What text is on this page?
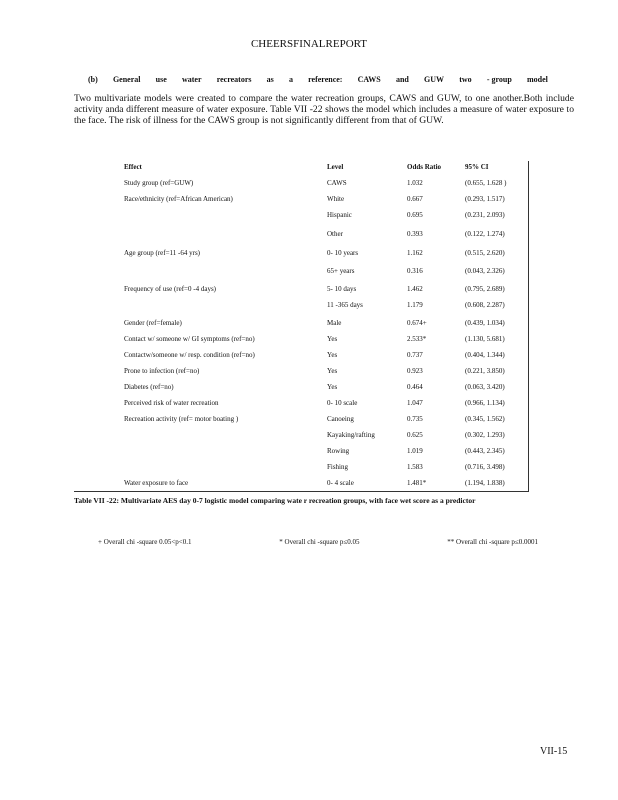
CHEERSFINALREPORT
(b) General use water recreators as a reference: CAWS and GUW two - group model
Two multivariate models were created to compare the water recreation groups, CAWS and GUW, to one another.Both include activity anda different measure of water exposure. Table VII -22 shows the model which includes a measure of water exposure to the face. The risk of illness for the CAWS group is not significantly different from that of GUW.
Effect	Level	Odds Ratio	95% CI
Study group (ref=GUW)	CAWS	1.032	(0.655, 1.628 )
Race/ethnicity (ref=African American)	White	0.667	(0.293, 1.517)
	Hispanic	0.695	(0.231, 2.093)
	Other	0.393	(0.122, 1.274)
Age group (ref=11 -64 yrs)	0- 10 years	1.162	(0.515, 2.620)
	65+ years	0.316	(0.043, 2.326)
Frequency of use (ref=0 -4 days)	5- 10 days	1.462	(0.795, 2.689)
	11 -365 days	1.179	(0.608, 2.287)
Gender (ref=female)	Male	0.674+	(0.439, 1.034)
Contact w/ someone w/ GI symptoms (ref=no)	Yes	2.533*	(1.130, 5.681)
Contactw/someone w/ resp. condition (ref=no)	Yes	0.737	(0.404, 1.344)
Prone to infection (ref=no)	Yes	0.923	(0.221, 3.850)
Diabetes (ref=no)	Yes	0.464	(0.063, 3.420)
Perceived risk of water recreation	0- 10 scale	1.047	(0.966, 1.134)
Recreation activity (ref= motor boating )	Canoeing	0.735	(0.345, 1.562)
	Kayaking/rafting	0.625	(0.302, 1.293)
	Rowing	1.019	(0.443, 2.345)
	Fishing	1.583	(0.716, 3.498)
Water exposure to face	0- 4 scale	1.481*	(1.194, 1.838)
Table VII -22: Multivariate AES day 0-7 logistic model comparing wate r recreation groups, with face wet score as a predictor
+ Overall chi -square 0.05<p<0.1	* Overall chi -square p≤0.05	** Overall chi -square p≤0.0001
VII-15
